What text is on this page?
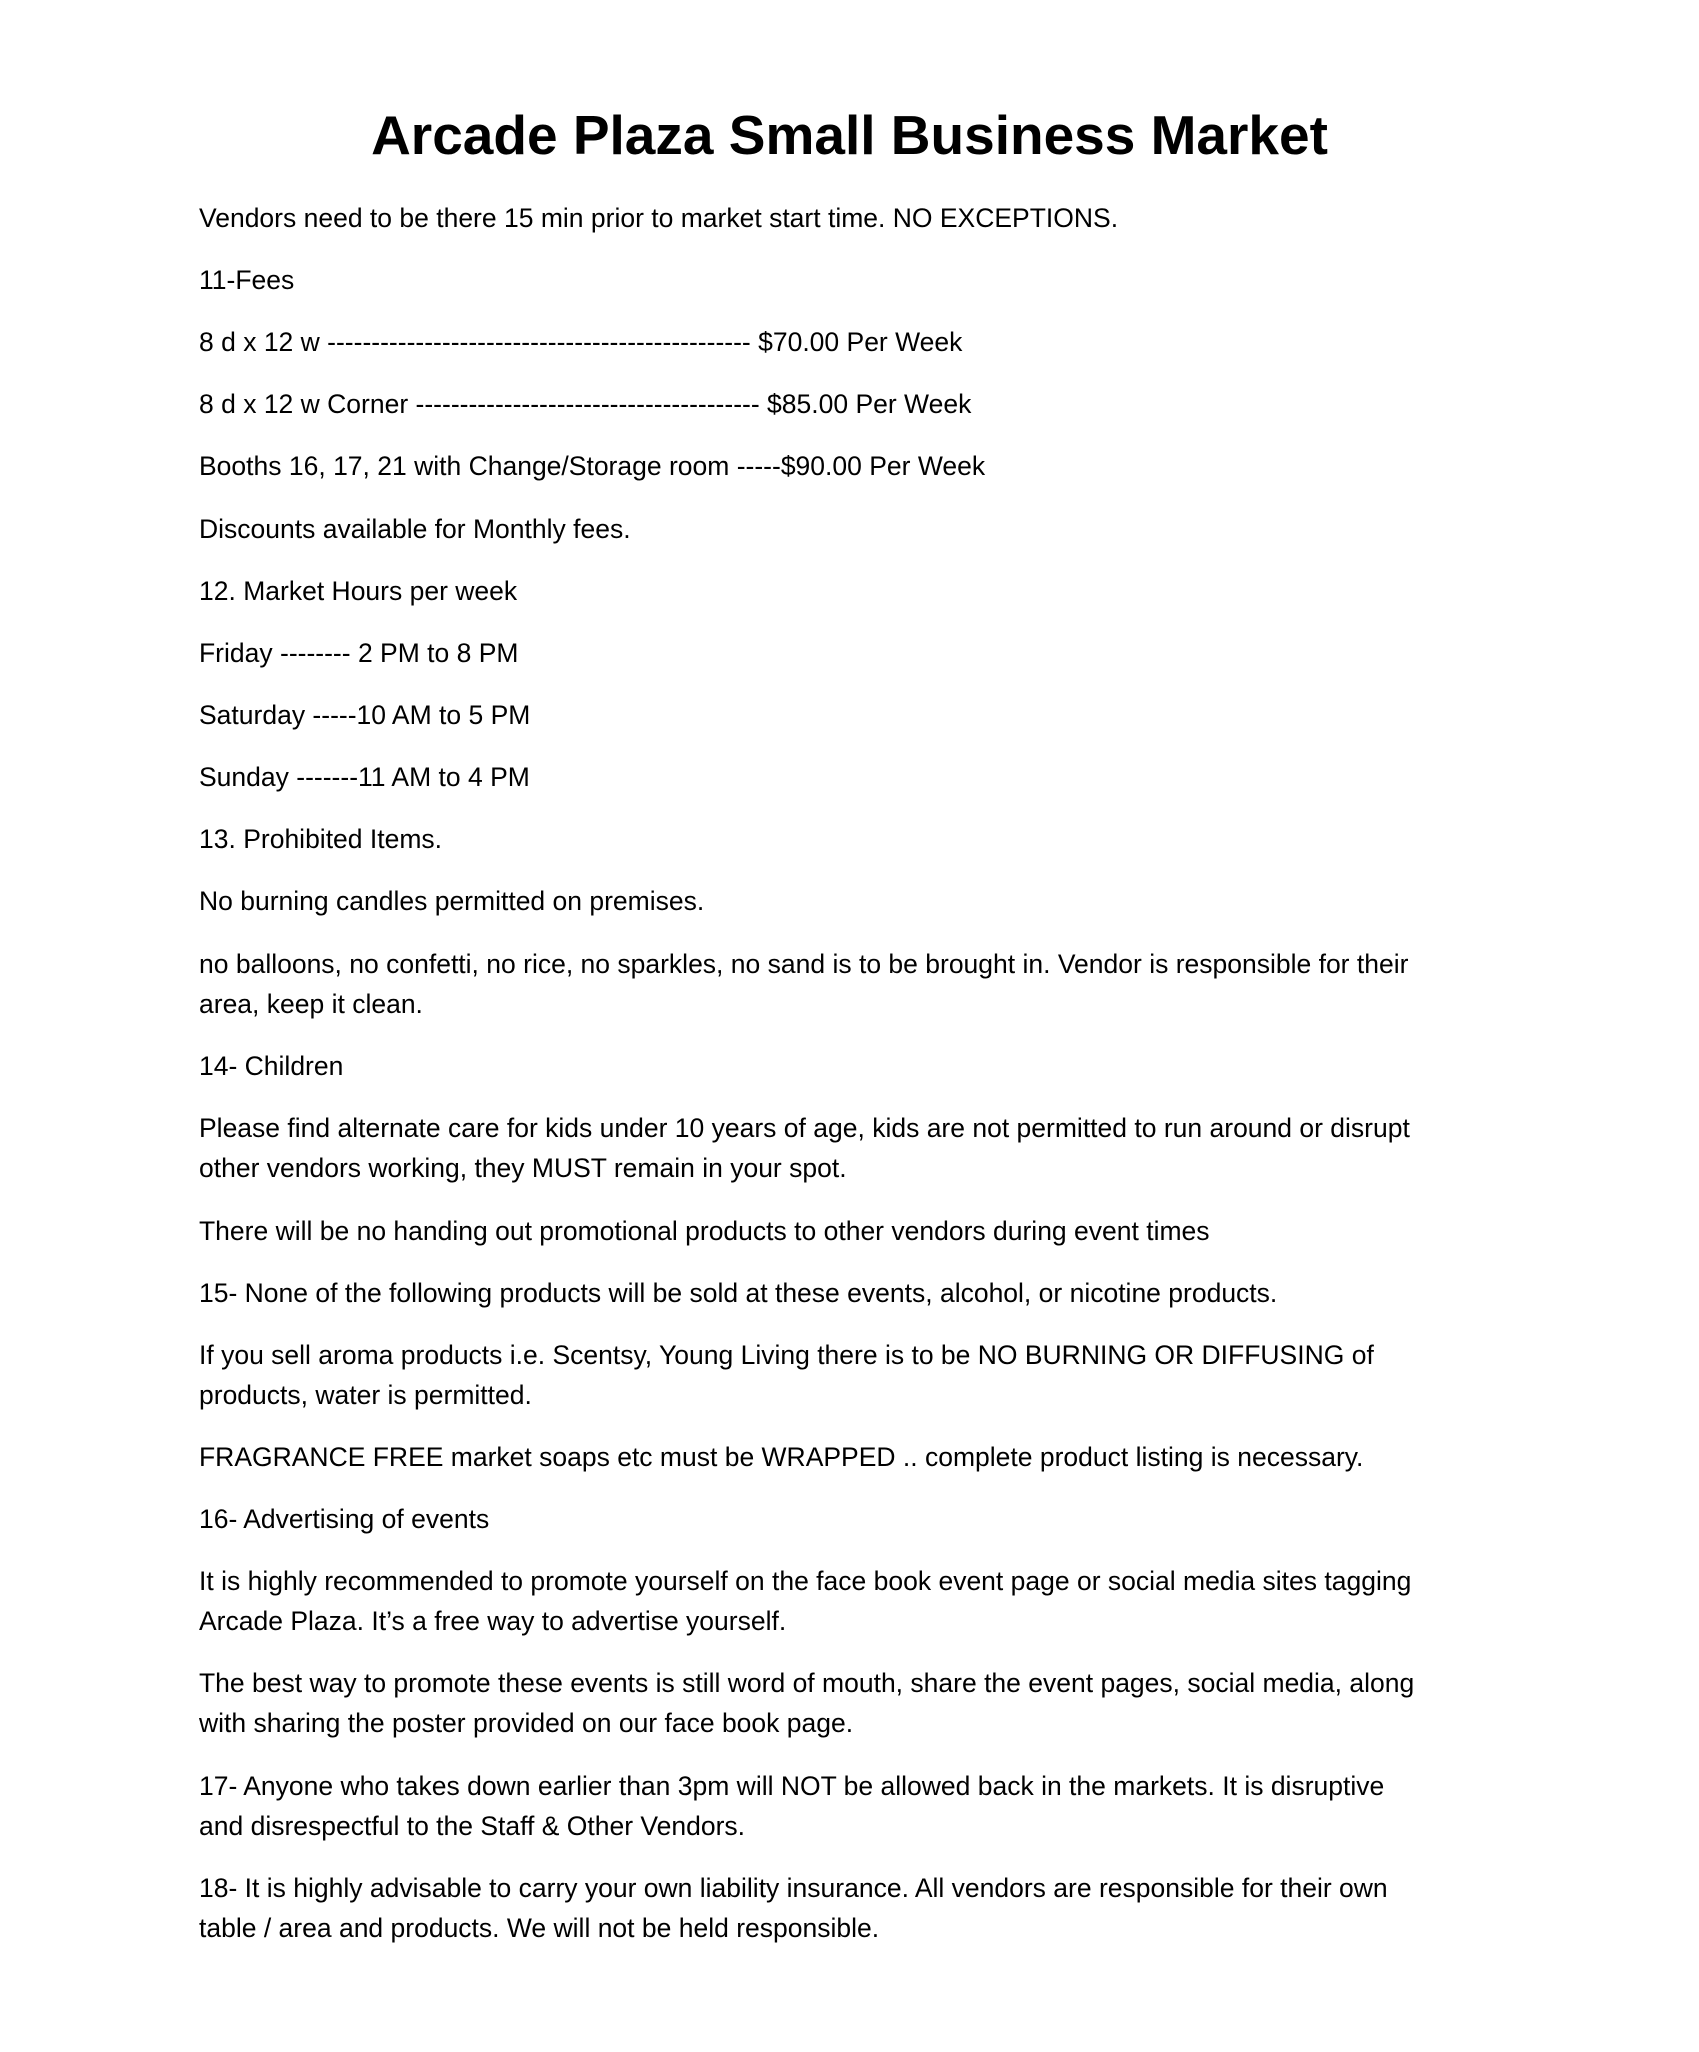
Arcade Plaza Small Business Market
Vendors need to be there 15 min prior to market start time. NO EXCEPTIONS.
11-Fees
8 d x 12 w ------------------------------------------------ $70.00 Per Week
8 d x 12 w Corner --------------------------------------- $85.00 Per Week
Booths 16, 17, 21 with Change/Storage room -----$90.00 Per Week
Discounts available for Monthly fees.
12. Market Hours per week
Friday -------- 2 PM to 8 PM
Saturday -----10 AM to 5 PM
Sunday -------11 AM to 4 PM
13. Prohibited Items.
No burning candles permitted on premises.
no balloons, no confetti, no rice, no sparkles, no sand is to be brought in. Vendor is responsible for their
area, keep it clean.
14- Children
Please find alternate care for kids under 10 years of age, kids are not permitted to run around or disrupt
other vendors working, they MUST remain in your spot.
There will be no handing out promotional products to other vendors during event times
15- None of the following products will be sold at these events, alcohol, or nicotine products.
If you sell aroma products i.e. Scentsy, Young Living there is to be NO BURNING OR DIFFUSING of
products, water is permitted.
FRAGRANCE FREE market soaps etc must be WRAPPED .. complete product listing is necessary.
16- Advertising of events
It is highly recommended to promote yourself on the face book event page or social media sites tagging
Arcade Plaza. It’s a free way to advertise yourself.
The best way to promote these events is still word of mouth, share the event pages, social media, along
with sharing the poster provided on our face book page.
17- Anyone who takes down earlier than 3pm will NOT be allowed back in the markets. It is disruptive
and disrespectful to the Staff & Other Vendors.
18- It is highly advisable to carry your own liability insurance. All vendors are responsible for their own
table / area and products. We will not be held responsible.
